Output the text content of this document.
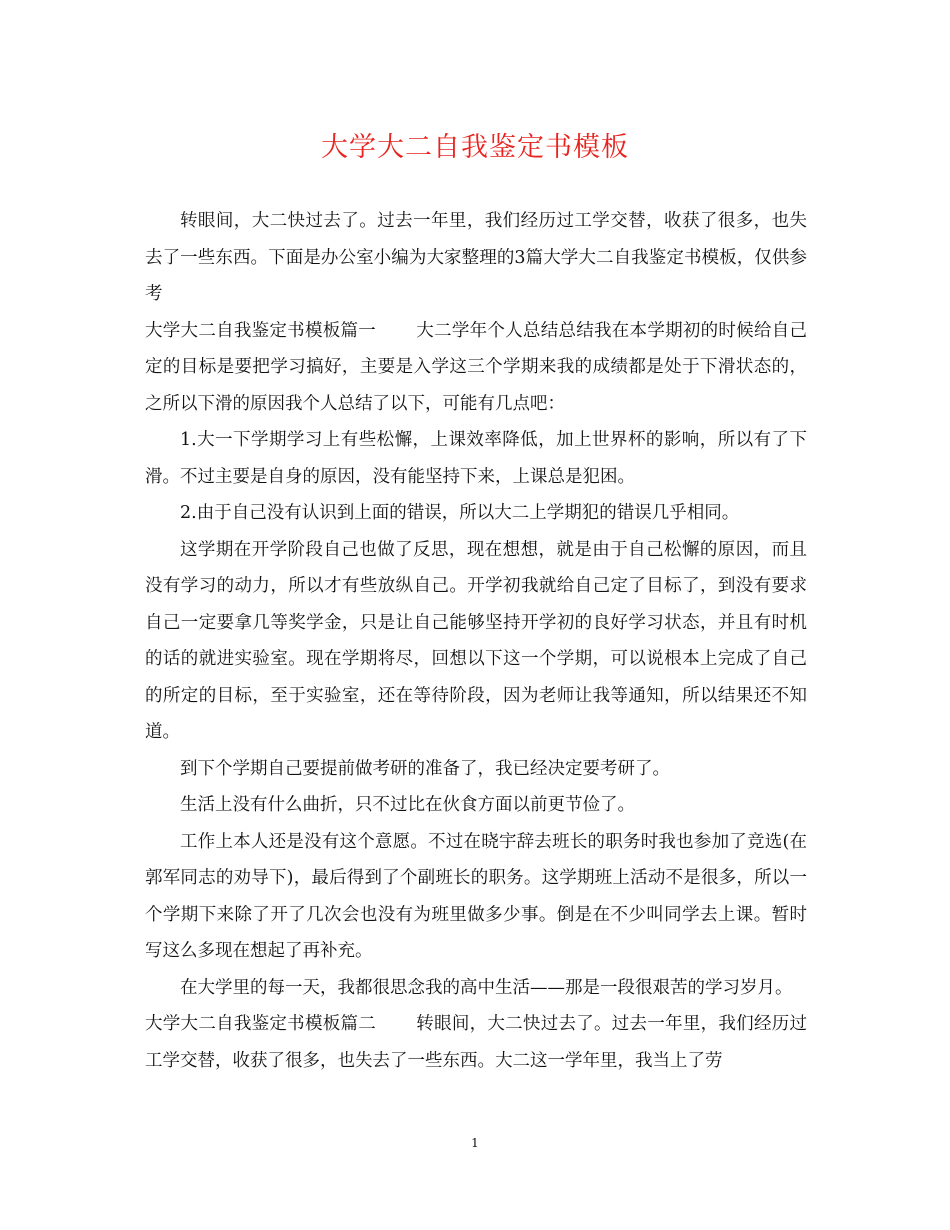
大学大二自我鉴定书模板

转眼间，大二快过去了。过去一年里，我们经历过工学交替，收获了很多，也失去了一些东西。下面是办公室小编为大家整理的3篇大学大二自我鉴定书模板，仅供参考

大学大二自我鉴定书模板篇一 大二学年个人总结总结我在本学期初的时候给自己定的目标是要把学习搞好，主要是入学这三个学期来我的成绩都是处于下滑状态的，之所以下滑的原因我个人总结了以下，可能有几点吧：

1.大一下学期学习上有些松懈，上课效率降低，加上世界杯的影响，所以有了下滑。不过主要是自身的原因，没有能坚持下来，上课总是犯困。

2.由于自己没有认识到上面的错误，所以大二上学期犯的错误几乎相同。

这学期在开学阶段自己也做了反思，现在想想，就是由于自己松懈的原因，而且没有学习的动力，所以才有些放纵自己。开学初我就给自己定了目标了，到没有要求自己一定要拿几等奖学金，只是让自己能够坚持开学初的良好学习状态，并且有时机的话的就进实验室。现在学期将尽，回想以下这一个学期，可以说根本上完成了自己的所定的目标，至于实验室，还在等待阶段，因为老师让我等通知，所以结果还不知道。

到下个学期自己要提前做考研的准备了，我已经决定要考研了。

生活上没有什么曲折，只不过比在伙食方面以前更节俭了。

工作上本人还是没有这个意愿。不过在晓宇辞去班长的职务时我也参加了竞选(在郭军同志的劝导下)，最后得到了个副班长的职务。这学期班上活动不是很多，所以一个学期下来除了开了几次会也没有为班里做多少事。倒是在不少叫同学去上课。暂时写这么多现在想起了再补充。

在大学里的每一天，我都很思念我的高中生活——那是一段很艰苦的学习岁月。

大学大二自我鉴定书模板篇二 转眼间，大二快过去了。过去一年里，我们经历过工学交替，收获了很多，也失去了一些东西。大二这一学年里，我当上了劳

1
